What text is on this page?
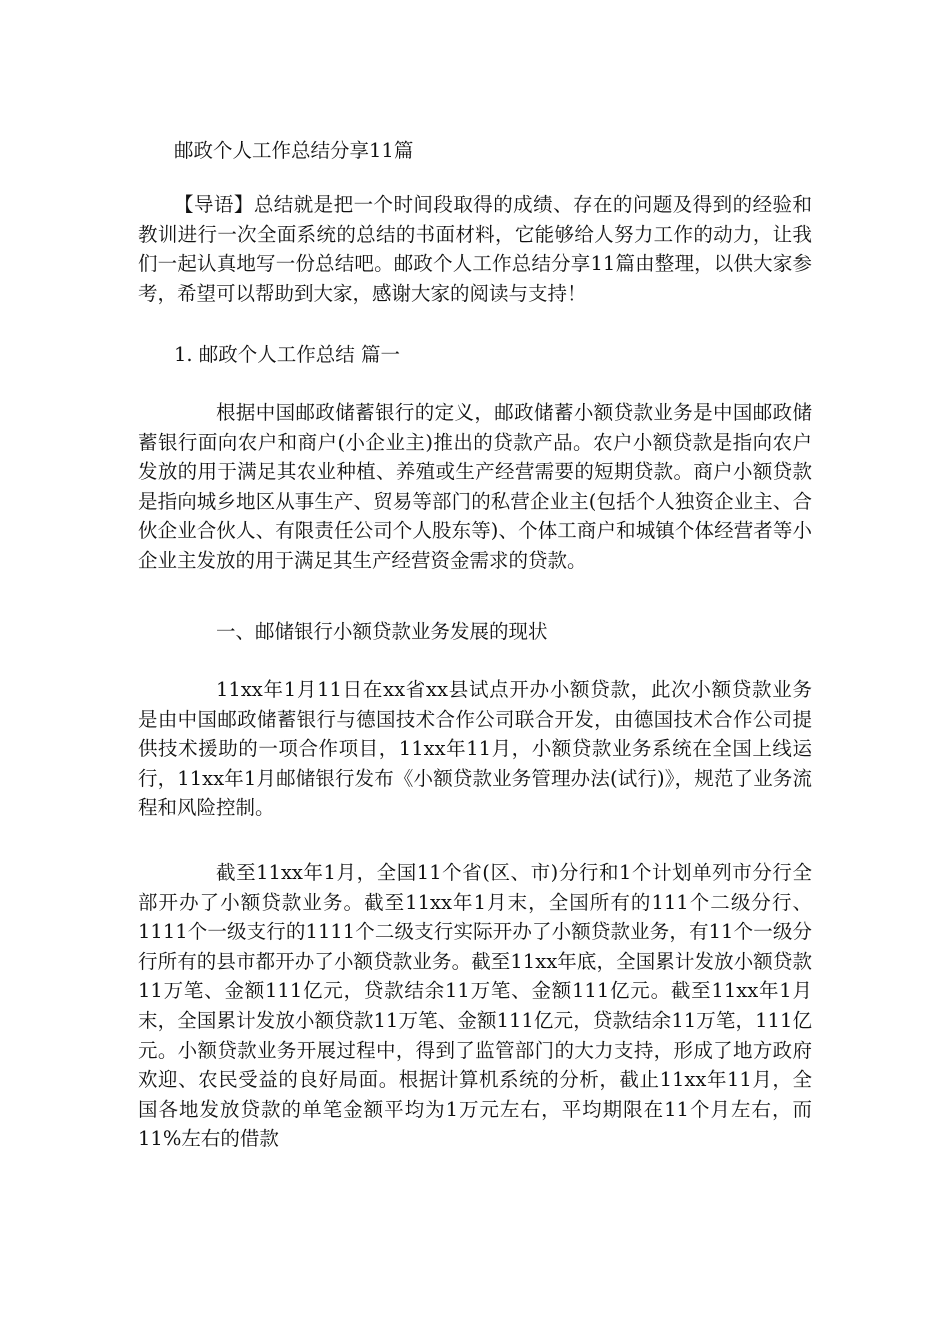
邮政个人工作总结分享11篇

【导语】总结就是把一个时间段取得的成绩、存在的问题及得到的经验和教训进行一次全面系统的总结的书面材料，它能够给人努力工作的动力，让我们一起认真地写一份总结吧。邮政个人工作总结分享11篇由整理，以供大家参考，希望可以帮助到大家，感谢大家的阅读与支持！

1. 邮政个人工作总结 篇一

根据中国邮政储蓄银行的定义，邮政储蓄小额贷款业务是中国邮政储蓄银行面向农户和商户(小企业主)推出的贷款产品。农户小额贷款是指向农户发放的用于满足其农业种植、养殖或生产经营需要的短期贷款。商户小额贷款是指向城乡地区从事生产、贸易等部门的私营企业主(包括个人独资企业主、合伙企业合伙人、有限责任公司个人股东等)、个体工商户和城镇个体经营者等小企业主发放的用于满足其生产经营资金需求的贷款。

一、邮储银行小额贷款业务发展的现状

11xx年1月11日在xx省xx县试点开办小额贷款，此次小额贷款业务是由中国邮政储蓄银行与德国技术合作公司联合开发，由德国技术合作公司提供技术援助的一项合作项目，11xx年11月，小额贷款业务系统在全国上线运行，11xx年1月邮储银行发布《小额贷款业务管理办法(试行)》，规范了业务流程和风险控制。

截至11xx年1月，全国11个省(区、市)分行和1个计划单列市分行全部开办了小额贷款业务。截至11xx年1月末，全国所有的111个二级分行、1111个一级支行的1111个二级支行实际开办了小额贷款业务，有11个一级分行所有的县市都开办了小额贷款业务。截至11xx年底，全国累计发放小额贷款11万笔、金额111亿元，贷款结余11万笔、金额111亿元。截至11xx年1月末，全国累计发放小额贷款11万笔、金额111亿元，贷款结余11万笔，111亿元。小额贷款业务开展过程中，得到了监管部门的大力支持，形成了地方政府欢迎、农民受益的良好局面。根据计算机系统的分析，截止11xx年11月，全国各地发放贷款的单笔金额平均为1万元左右，平均期限在11个月左右，而11%左右的借款
